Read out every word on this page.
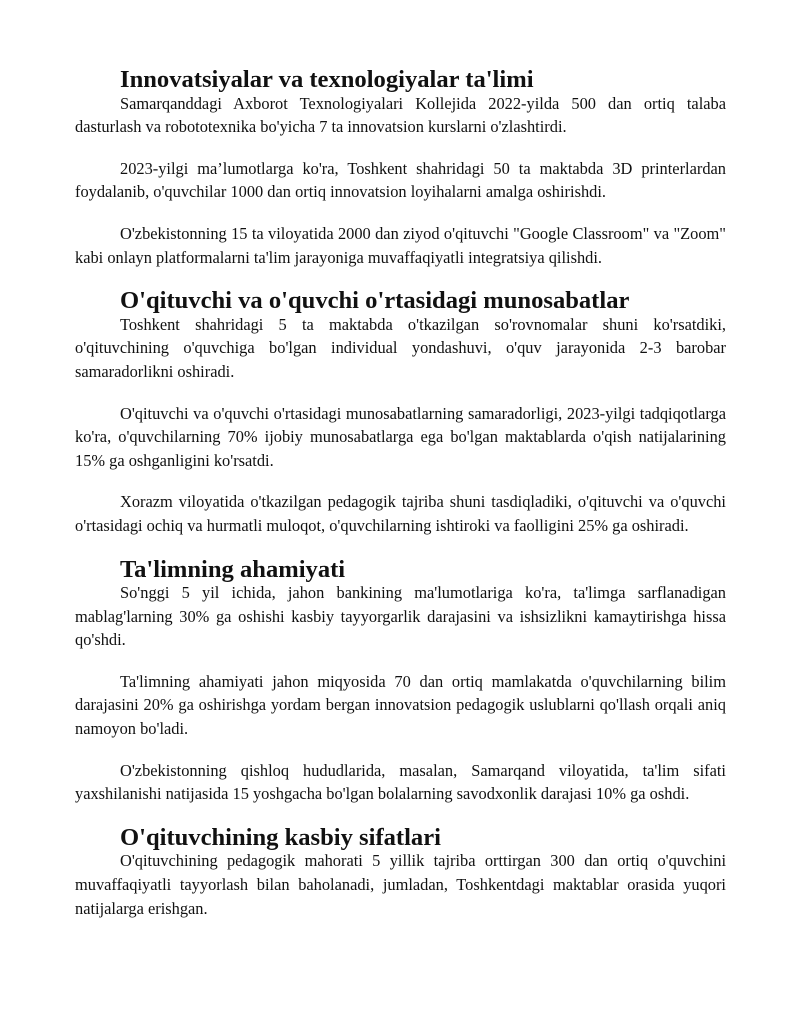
Innovatsiyalar va texnologiyalar ta'limi

Samarqanddagi Axborot Texnologiyalari Kollejida 2022-yilda 500 dan ortiq talaba dasturlash va robototexnika bo'yicha 7 ta innovatsion kurslarni o'zlashtirdi.

2023-yilgi ma’lumotlarga ko'ra, Toshkent shahridagi 50 ta maktabda 3D printerlardan foydalanib, o'quvchilar 1000 dan ortiq innovatsion loyihalarni amalga oshirishdi.

O'zbekistonning 15 ta viloyatida 2000 dan ziyod o'qituvchi "Google Classroom" va "Zoom" kabi onlayn platformalarni ta'lim jarayoniga muvaffaqiyatli integratsiya qilishdi.

O'qituvchi va o'quvchi o'rtasidagi munosabatlar

Toshkent shahridagi 5 ta maktabda o'tkazilgan so'rovnomalar shuni ko'rsatdiki, o'qituvchining o'quvchiga bo'lgan individual yondashuvi, o'quv jarayonida 2-3 barobar samaradorlikni oshiradi.

O'qituvchi va o'quvchi o'rtasidagi munosabatlarning samaradorligi, 2023-yilgi tadqiqotlarga ko'ra, o'quvchilarning 70% ijobiy munosabatlarga ega bo'lgan maktablarda o'qish natijalarining 15% ga oshganligini ko'rsatdi.

Xorazm viloyatida o'tkazilgan pedagogik tajriba shuni tasdiqladiki, o'qituvchi va o'quvchi o'rtasidagi ochiq va hurmatli muloqot, o'quvchilarning ishtiroki va faolligini 25% ga oshiradi.

Ta'limning ahamiyati

So'nggi 5 yil ichida, jahon bankining ma'lumotlariga ko'ra, ta'limga sarflanadigan mablag'larning 30% ga oshishi kasbiy tayyorgarlik darajasini va ishsizlikni kamaytirishga hissa qo'shdi.

Ta'limning ahamiyati jahon miqyosida 70 dan ortiq mamlakatda o'quvchilarning bilim darajasini 20% ga oshirishga yordam bergan innovatsion pedagogik uslublarni qo'llash orqali aniq namoyon bo'ladi.

O'zbekistonning qishloq hududlarida, masalan, Samarqand viloyatida, ta'lim sifati yaxshilanishi natijasida 15 yoshgacha bo'lgan bolalarning savodxonlik darajasi 10% ga oshdi.

O'qituvchining kasbiy sifatlari

O'qituvchining pedagogik mahorati 5 yillik tajriba orttirgan 300 dan ortiq o'quvchini muvaffaqiyatli tayyorlash bilan baholanadi, jumladan, Toshkentdagi maktablar orasida yuqori natijalarga erishgan.
